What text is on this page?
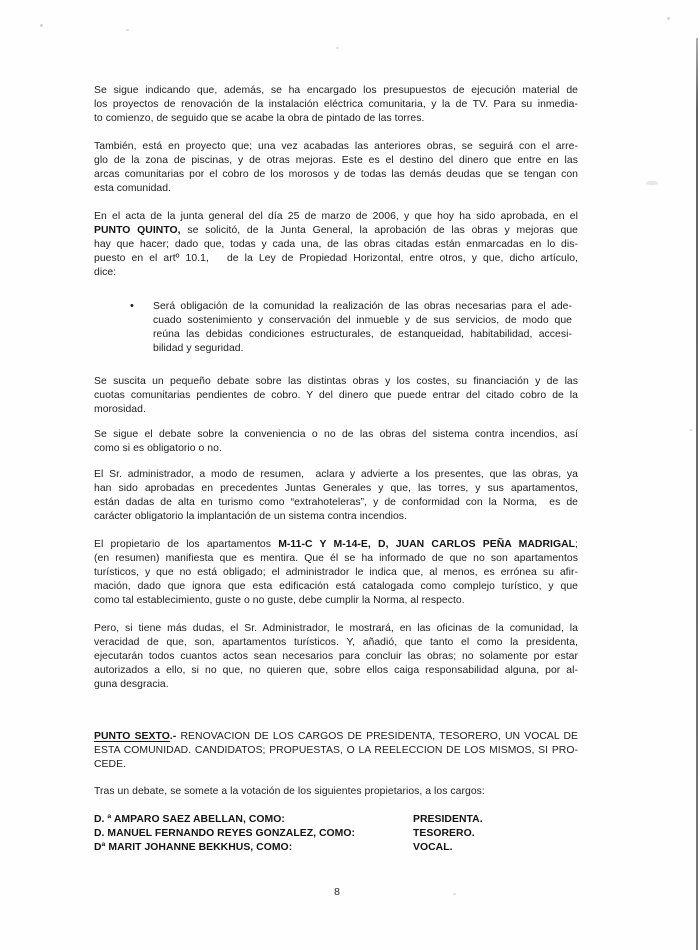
Se sigue indicando que, además, se ha encargado los presupuestos de ejecución material de
los proyectos de renovación de la instalación eléctrica comunitaria, y la de TV. Para su inmedia-
to comienzo, de seguido que se acabe la obra de pintado de las torres.
También, está en proyecto que; una vez acabadas las anteriores obras, se seguirá con el arre-
glo de la zona de piscinas, y de otras mejoras. Este es el destino del dinero que entre en las
arcas comunitarias por el cobro de los morosos y de todas las demás deudas que se tengan con
esta comunidad.
En el acta de la junta general del día 25 de marzo de 2006, y que hoy ha sido aprobada, en el
PUNTO QUINTO, se solicitó, de la Junta General, la aprobación de las obras y mejoras que
hay que hacer; dado que, todas y cada una, de las obras citadas están enmarcadas en lo dis-
puesto en el artº 10.1,   de la Ley de Propiedad Horizontal, entre otros, y que, dicho artículo,
dice:
• Será obligación de la comunidad la realización de las obras necesarias para el ade-
cuado sostenimiento y conservación del inmueble y de sus servicios, de modo que
reúna las debidas condiciones estructurales, de estanqueidad, habitabilidad, accesi-
bilidad y seguridad.
Se suscita un pequeño debate sobre las distintas obras y los costes, su financiación y de las
cuotas comunitarias pendientes de cobro. Y del dinero que puede entrar del citado cobro de la
morosidad.
Se sigue el debate sobre la conveniencia o no de las obras del sistema contra incendios, así
como si es obligatorio o no.
El Sr. administrador, a modo de resumen,  aclara y advierte a los presentes, que las obras, ya
han sido aprobadas en precedentes Juntas Generales y que, las torres, y sus apartamentos,
están dadas de alta en turismo como “extrahoteleras”, y de conformidad con la Norma,  es de
carácter obligatorio la implantación de un sistema contra incendios.
El propietario de los apartamentos M-11-C Y M-14-E, D, JUAN CARLOS PEÑA MADRIGAL;
(en resumen) manifiesta que es mentira. Que él se ha informado de que no son apartamentos
turísticos, y que no está obligado; el administrador le indica que, al menos, es errónea su afir-
mación, dado que ignora que esta edificación está catalogada como complejo turístico, y que
como tal establecimiento, guste o no guste, debe cumplir la Norma, al respecto.
Pero, si tiene más dudas, el Sr. Administrador, le mostrará, en las oficinas de la comunidad, la
veracidad de que, son, apartamentos turísticos. Y, añadió, que tanto el como la presidenta,
ejecutarán todos cuantos actos sean necesarios para concluir las obras; no solamente por estar
autorizados a ello, si no que, no quieren que, sobre ellos caiga responsabilidad alguna, por al-
guna desgracia.
PUNTO SEXTO.- RENOVACION DE LOS CARGOS DE PRESIDENTA, TESORERO, UN VOCAL DE
ESTA COMUNIDAD. CANDIDATOS; PROPUESTAS, O LA REELECCION DE LOS MISMOS, SI PRO-
CEDE.
Tras un debate, se somete a la votación de los siguientes propietarios, a los cargos:
D. ª AMPARO SAEZ ABELLAN, COMO:	PRESIDENTA.
D. MANUEL FERNANDO REYES GONZALEZ, COMO:	TESORERO.
Dª MARIT JOHANNE BEKKHUS, COMO:	VOCAL.
8
